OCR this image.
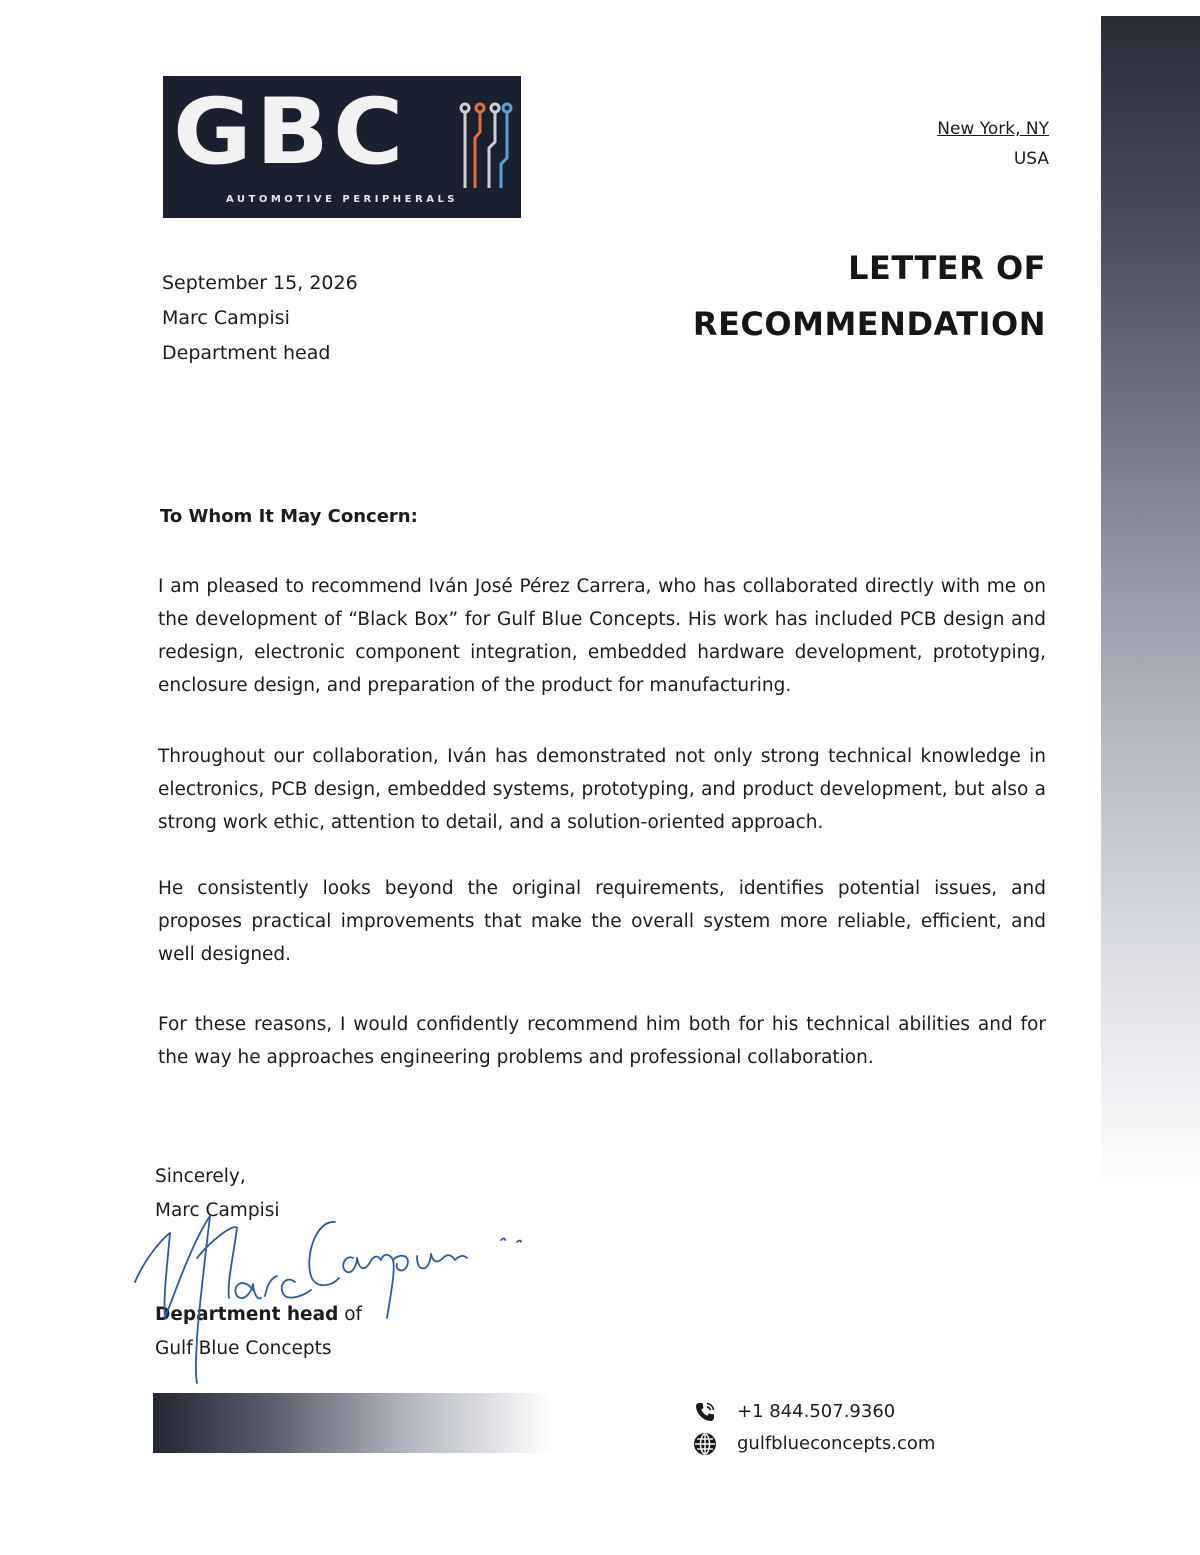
GBC
AUTOMOTIVE PERIPHERALS
New York, NY
USA
LETTER OF
RECOMMENDATION
September 15, 2026
Marc Campisi
Department head
To Whom It May Concern:
I am pleased to recommend Iván José Pérez Carrera, who has collaborated directly with me on the development of “Black Box” for Gulf Blue Concepts. His work has included PCB design and redesign, electronic component integration, embedded hardware development, prototyping, enclosure design, and preparation of the product for manufacturing.
Throughout our collaboration, Iván has demonstrated not only strong technical knowledge in electronics, PCB design, embedded systems, prototyping, and product development, but also a strong work ethic, attention to detail, and a solution-oriented approach.
He consistently looks beyond the original requirements, identifies potential issues, and proposes practical improvements that make the overall system more reliable, efficient, and well designed.
For these reasons, I would confidently recommend him both for his technical abilities and for the way he approaches engineering problems and professional collaboration.
Sincerely,
Marc Campisi
Department head of
Gulf Blue Concepts
Marc Campisi
+1 844.507.9360
gulfblueconcepts.com
